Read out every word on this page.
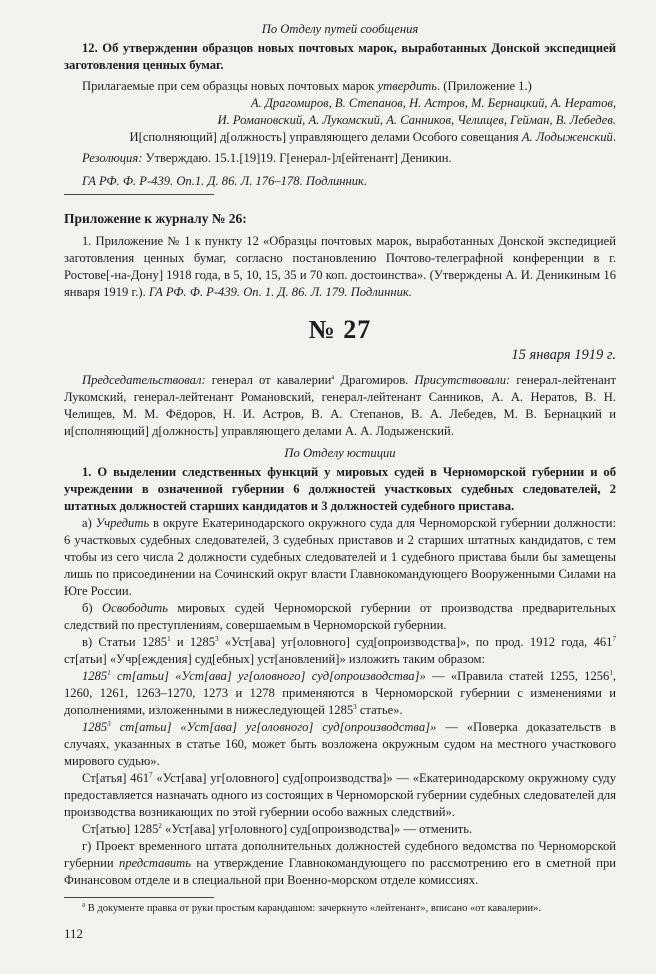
По Отделу путей сообщения

12. Об утверждении образцов новых почтовых марок, выработанных Донской экспедицией заготовления ценных бумаг.

Прилагаемые при сем образцы новых почтовых марок утвердить. (Приложение 1.)

А. Драгомиров, В. Степанов, Н. Астров, М. Бернацкий, А. Нератов,

И. Романовский, А. Лукомский, А. Санников, Челищев, Гейман, В. Лебедев.

И[сполняющий] д[олжность] управляющего делами Особого совещания А. Лодыженский.

Резолюция: Утверждаю. 15.1.[19]19. Г[енерал-]л[ейтенант] Деникин.

ГА РФ. Ф. Р-439. Оп.1. Д. 86. Л. 176–178. Подлинник.

Приложение к журналу № 26:

1. Приложение № 1 к пункту 12 «Образцы почтовых марок, выработанных Донской экспедицией заготовления ценных бумаг, согласно постановлению Почтово-телеграфной конференции в г. Ростове[-на-Дону] 1918 года, в 5, 10, 15, 35 и 70 коп. достоинства». (Утверждены А. И. Деникиным 16 января 1919 г.). ГА РФ. Ф. Р-439. Оп. 1. Д. 86. Л. 179. Подлинник.

№ 27

15 января 1919 г.

Председательствовал: генерал от кавалерии$^a$ Драгомиров. Присутствовали: генерал-лейтенант Лукомский, генерал-лейтенант Романовский, генерал-лейтенант Санников, А. А. Нератов, В. Н. Челищев, М. М. Фёдоров, Н. И. Астров, В. А. Степанов, В. А. Лебедев, М. В. Бернацкий и и[сполняющий] д[олжность] управляющего делами А. А. Лодыженский.

По Отделу юстиции

1. О выделении следственных функций у мировых судей в Черноморской губернии и об учреждении в означенной губернии 6 должностей участковых судебных следователей, 2 штатных должностей старших кандидатов и 3 должностей судебного пристава.

а) Учредить в округе Екатеринодарского окружного суда для Черноморской губернии должности: 6 участковых судебных следователей, 3 судебных приставов и 2 старших штатных кандидатов, с тем чтобы из сего числа 2 должности судебных следователей и 1 судебного пристава были бы замещены лишь по присоединении на Сочинский округ власти Главнокомандующего Вооруженными Силами на Юге России.

б) Освободить мировых судей Черноморской губернии от производства предварительных следствий по преступлениям, совершаемым в Черноморской губернии.

в) Статьи 1285$^1$ и 1285$^3$ «Уст[ава] уг[оловного] суд[опроизводства]», по прод. 1912 года, $461^7$ ст[атьи] «Учр[еждения] суд[ебных] уст[ановлений]» изложить таким образом:

1285$^1$ ст[атьи] «Уст[ава] уг[оловного] суд[опроизводства]» — «Правила статей 1255, 1256$^1$, 1260, 1261, 1263–1270, 1273 и 1278 применяются в Черноморской губернии с изменениями и дополнениями, изложенными в нижеследующей 1285$^3$ статье».

1285$^3$ ст[атьи] «Уст[ава] уг[оловного] суд[опроизводства]» — «Поверка доказательств в случаях, указанных в статье 160, может быть возложена окружным судом на местного участкового мирового судью».

Ст[атья] $461^7$ «Уст[ава] уг[оловного] суд[опроизводства]» — «Екатеринодарскому окружному суду предоставляется назначать одного из состоящих в Черноморской губернии судебных следователей для производства возникающих по этой губернии особо важных следствий».

Ст[атью] 1285$^2$ «Уст[ава] уг[оловного] суд[опроизводства]» — отменить.

г) Проект временного штата дополнительных должностей судебного ведомства по Черноморской губернии представить на утверждение Главнокомандующего по рассмотрению его в сметной при Финансовом отделе и в специальной при Военно-морском отделе комиссиях.

$^a$ В документе правка от руки простым карандашом: зачеркнуто «лейтенант», вписано «от кавалерии».

112
